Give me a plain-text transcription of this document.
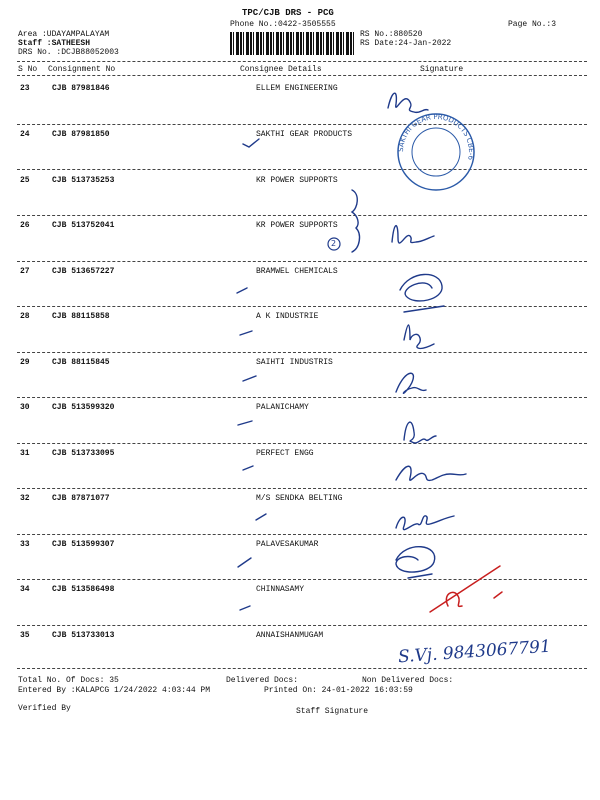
TPC/CJB DRS - PCG
Phone No.:0422-3505555	Page No.:3
Area :UDAYAMPALAYAM
Staff :SATHEESH
DRS No. :DCJB88052003
RS No.:880520
RS Date:24-Jan-2022
S No Consignment No	Consignee Details	Signature
23	CJB 87981846	ELLEM ENGINEERING
24	CJB 87981850	SAKTHI GEAR PRODUCTS
25	CJB 513735253	KR POWER SUPPORTS
26	CJB 513752041	KR POWER SUPPORTS
27	CJB 513657227	BRAMWEL CHEMICALS
28	CJB 88115858	A K INDUSTRIE
29	CJB 88115845	SAIHTI INDUSTRIS
30	CJB 513599320	PALANICHAMY
31	CJB 513733095	PERFECT ENGG
32	CJB 87871077	M/S SENDKA BELTING
33	CJB 513599307	PALAVESAKUMAR
34	CJB 513586498	CHINNASAMY
35	CJB 513733013	ANNAISHANMUGAM
2
SAKTHI GEAR PRODUCTS CBE-6
S.Vj. 9843067791
Total No. Of Docs: 35	Delivered Docs:	Non Delivered Docs:
Entered By :KALAPCG 1/24/2022 4:03:44 PM	Printed On: 24-01-2022 16:03:59
Verified By	Staff Signature
